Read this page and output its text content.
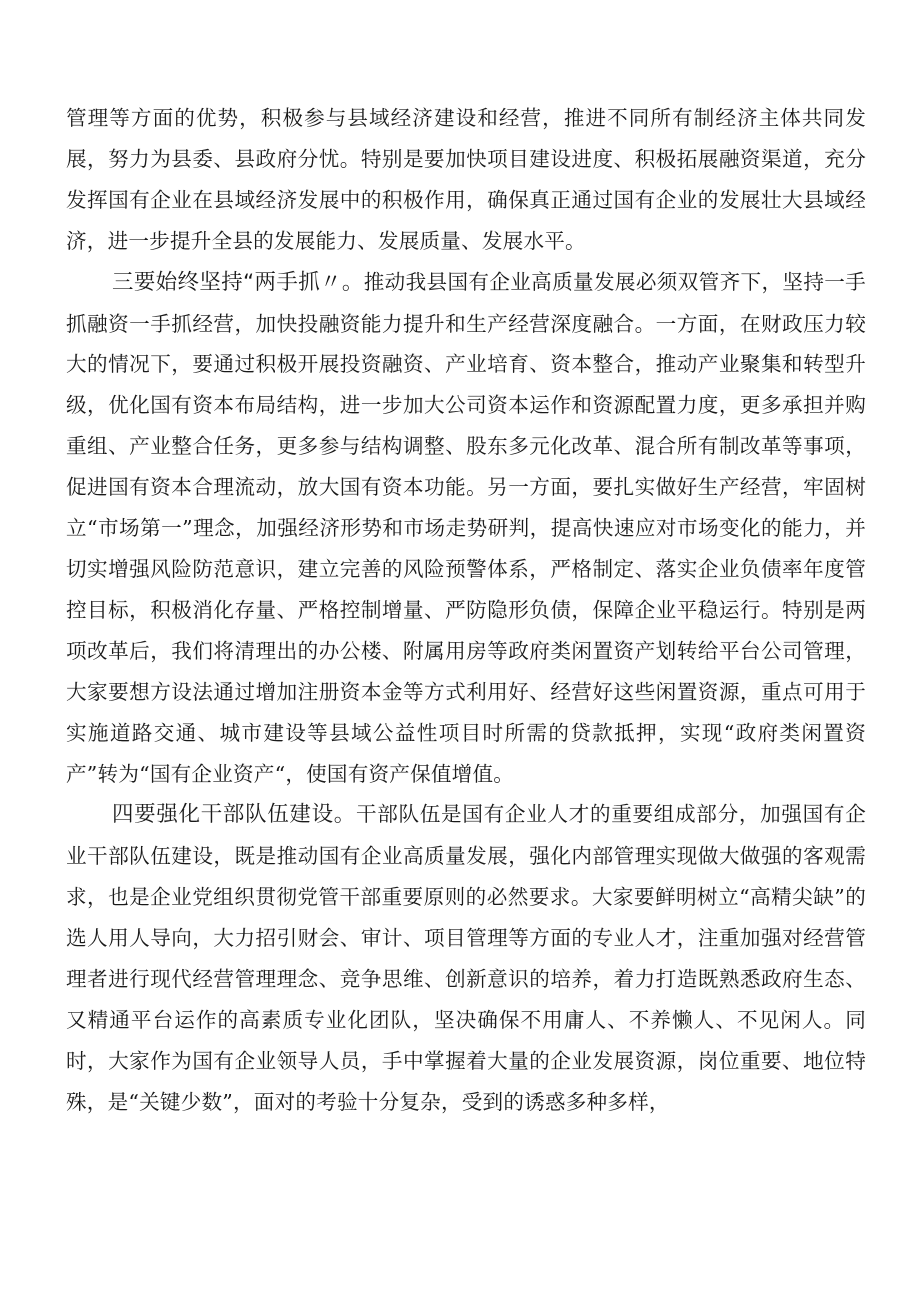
管理等方面的优势，积极参与县域经济建设和经营，推进不同所有制经济主体共同发展，努力为县委、县政府分忧。特别是要加快项目建设进度、积极拓展融资渠道，充分发挥国有企业在县域经济发展中的积极作用，确保真正通过国有企业的发展壮大县域经济，进一步提升全县的发展能力、发展质量、发展水平。

三要始终坚持“两手抓〃。推动我县国有企业高质量发展必须双管齐下，坚持一手抓融资一手抓经营，加快投融资能力提升和生产经营深度融合。一方面，在财政压力较大的情况下，要通过积极开展投资融资、产业培育、资本整合，推动产业聚集和转型升级，优化国有资本布局结构，进一步加大公司资本运作和资源配置力度，更多承担并购重组、产业整合任务，更多参与结构调整、股东多元化改革、混合所有制改革等事项，促进国有资本合理流动，放大国有资本功能。另一方面，要扎实做好生产经营，牢固树立“市场第一”理念，加强经济形势和市场走势研判，提高快速应对市场变化的能力，并切实增强风险防范意识，建立完善的风险预警体系，严格制定、落实企业负债率年度管控目标，积极消化存量、严格控制增量、严防隐形负债，保障企业平稳运行。特别是两项改革后，我们将清理出的办公楼、附属用房等政府类闲置资产划转给平台公司管理，大家要想方设法通过增加注册资本金等方式利用好、经营好这些闲置资源，重点可用于实施道路交通、城市建设等县域公益性项目时所需的贷款抵押，实现“政府类闲置资产”转为“国有企业资产“，使国有资产保值增值。

四要强化干部队伍建设。干部队伍是国有企业人才的重要组成部分，加强国有企业干部队伍建设，既是推动国有企业高质量发展，强化内部管理实现做大做强的客观需求，也是企业党组织贯彻党管干部重要原则的必然要求。大家要鲜明树立“高精尖缺”的选人用人导向，大力招引财会、审计、项目管理等方面的专业人才，注重加强对经营管理者进行现代经营管理理念、竞争思维、创新意识的培养，着力打造既熟悉政府生态、又精通平台运作的高素质专业化团队，坚决确保不用庸人、不养懒人、不见闲人。同时，大家作为国有企业领导人员，手中掌握着大量的企业发展资源，岗位重要、地位特殊，是“关键少数”，面对的考验十分复杂，受到的诱惑多种多样，
